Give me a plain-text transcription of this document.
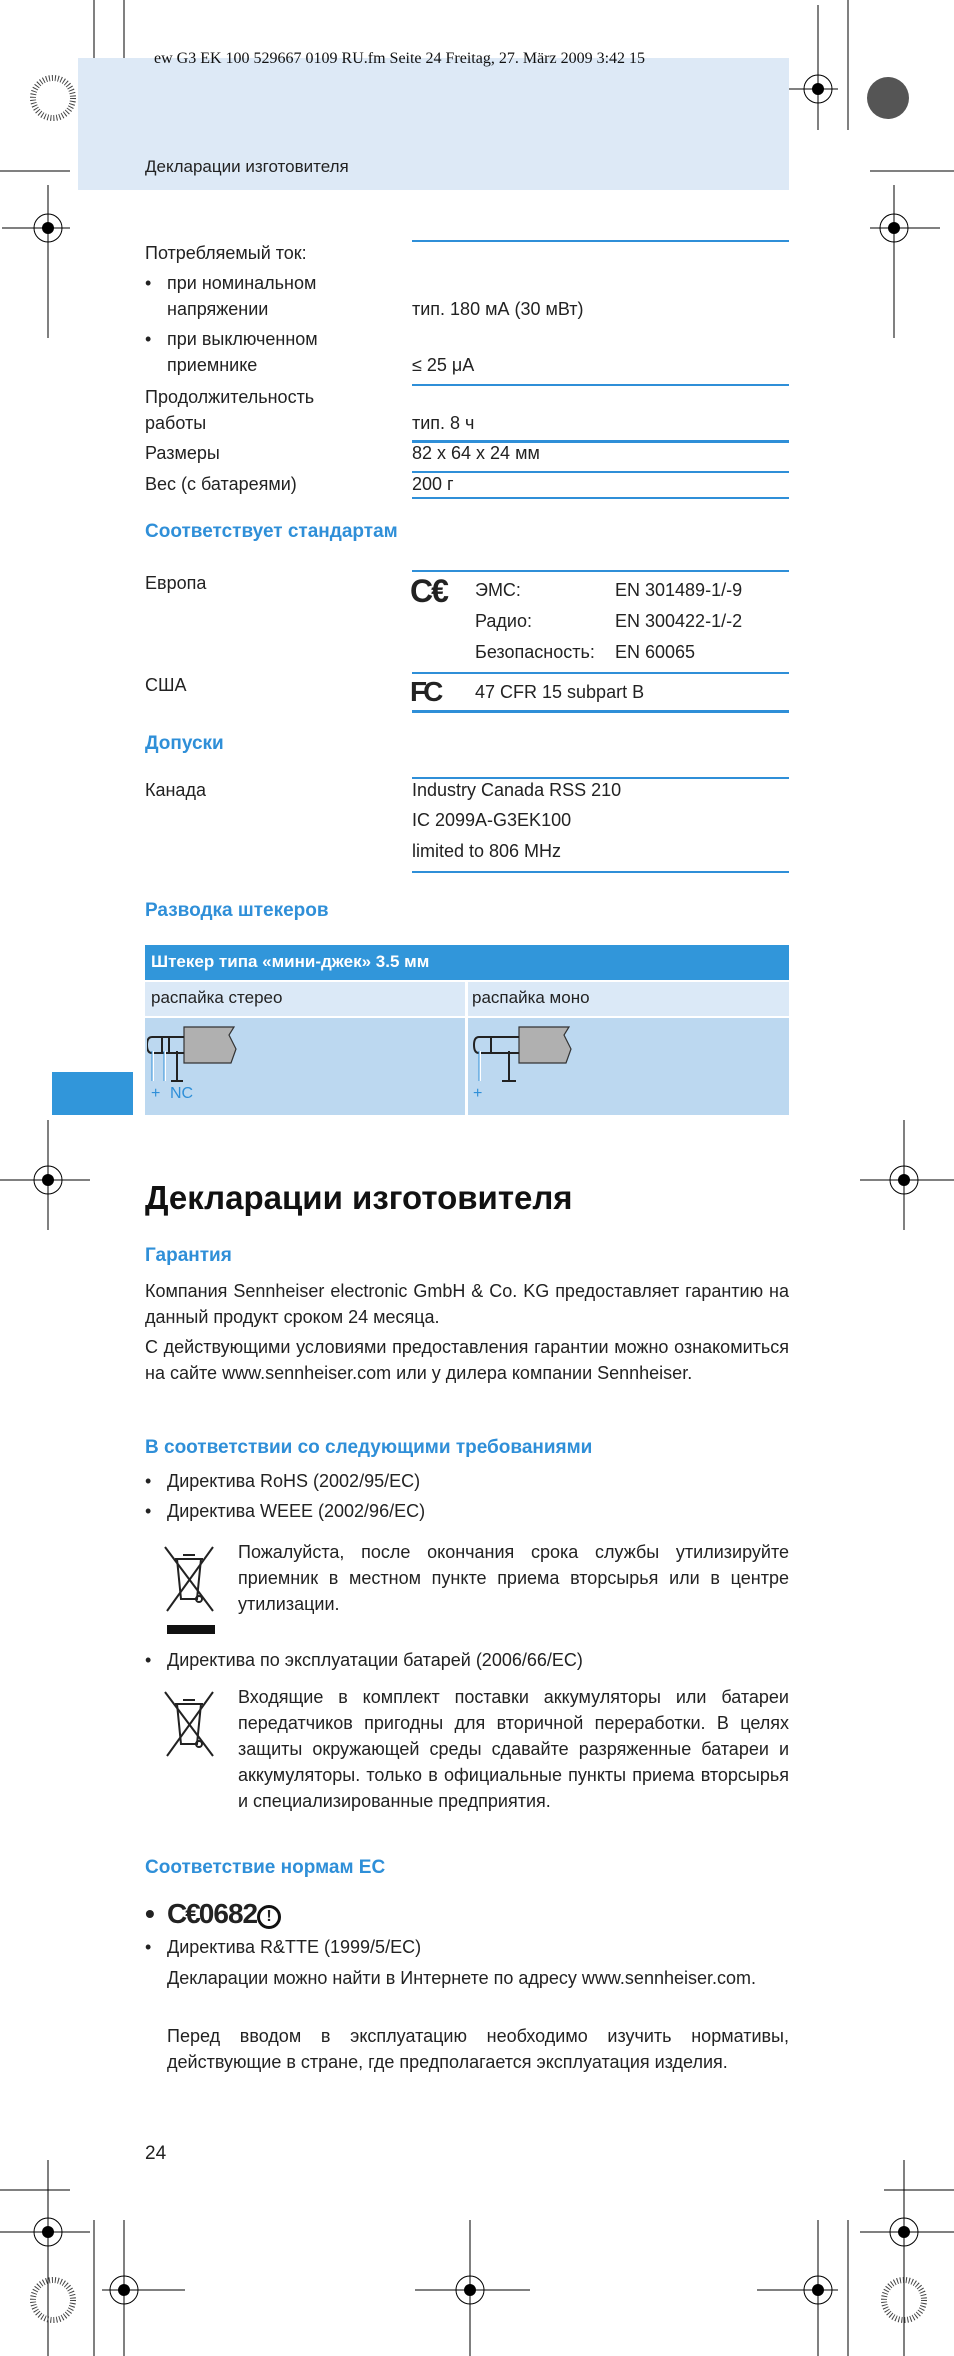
ew G3 EK 100 529667 0109 RU.fm Seite 24 Freitag, 27. März 2009 3:42 15
Декларации изготовителя
Потребляемый ток:
• при номинальном
напряжении	тип. 180 мА (30 мВт)
• при выключенном
приемнике	≤ 25 μA
Продолжительность
работы	тип. 8 ч
Размеры	82 x 64 x 24 мм
Вес (с батареями)	200 г
Соответствует стандартам
Европа	C€ ЭМС:	EN 301489-1/-9
Радио:	EN 300422-1/-2
Безопасность: EN 60065
США	FC 47 CFR 15 subpart B
Допуски
Канада	Industry Canada RSS 210
IC 2099A-G3EK100
limited to 806 MHz
Разводка штекеров
Штекер типа «мини-джек» 3.5 мм
распайка стерео	распайка моно
+ NC	+
Декларации изготовителя
Гарантия
Компания Sennheiser electronic GmbH & Co. KG предоставляет гарантию на данный продукт сроком 24 месяца.
С действующими условиями предоставления гарантии можно ознакомиться на сайте www.sennheiser.com или у дилера компании Sennheiser.
В соответствии со следующими требованиями
• Директива RoHS (2002/95/EC)
• Директива WEEE (2002/96/EC)
Пожалуйста, после окончания срока службы утилизируйте приемник в местном пункте приема вторсырья или в центре утилизации.
• Директива по эксплуатации батарей (2006/66/EC)
Входящие в комплект поставки аккумуляторы или батареи передатчиков пригодны для вторичной переработки. В целях защиты окружающей среды сдавайте разряженные батареи и аккумуляторы. только в официальные пункты приема вторсырья и специализированные предприятия.
Соответствие нормам EC
• C€0682 !
• Директива R&TTE (1999/5/EC)
Декларации можно найти в Интернете по адресу www.sennheiser.com.
Перед вводом в эксплуатацию необходимо изучить нормативы, действующие в стране, где предполагается эксплуатация изделия.
24
